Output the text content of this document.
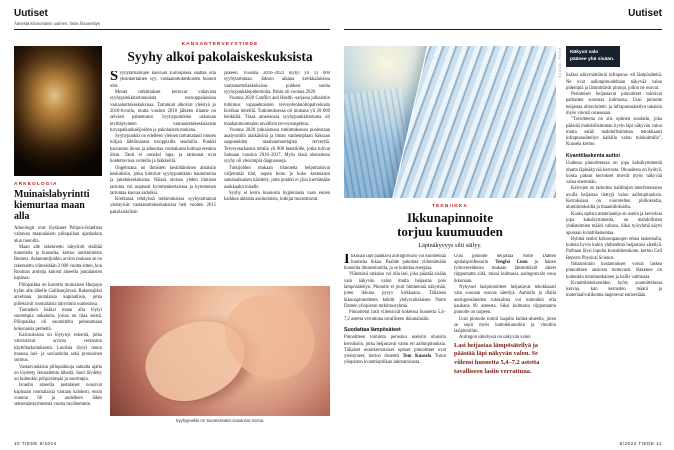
Uutiset
Äänestä kiinnostavin uutinen: tiede.fi/aanestys
ARKEOLOGIA
Muinaislabyrintti kiemurtaa maan alla

Arkeologit ovat löytäneet Pohjois-Israelista valtavan maanalaisen piilopaikan ajanlaskun alun tienoilta.

Maan alle rakennettu labyrintti sisältää tunneleita ja huoneita, kertoo uutistoimisto Reuters. Asiantuntijoiden arvion mukaan se on rakennettu viimeistään 2 000 vuotta sitten, kun Rooman armeija kukisti alueella juutalaisten kapinaa.

Piilopaikka on kaivettu muinaisen Huqoqin kylän alle lähelle Galileanjärveä. Rakentajiksi arvellaan juutalaisia kapinallisia, jotka piileksivät roomalaisia labyrintin uumenissa.

Tunnelien lisäksi maan alta löytyi suurempia onkaloita, joissa on tilaa seistä. Piilopaikka oli suunniteltu pelastamaan kokonaisia perheitä.

Kaivauksissa on löytynyt esineitä, jotka vahvistavat arviota verkoston käyttötarkoituksesta. Luolista löytyi muun muassa lasi- ja saviastioita sekä pronssinen sormus.

Vastaavanlaisia piilopaikkoja samalta ajalta on löydetty Jerusalemin läheltä. Juuri löydetty on kuitenkin pohjoisimpia ja suurimpia.

Israelin alueella juutalaiset nousivat kapinaan roomalaisia vastaan kahdesti, ensin vuonna 66 ja uudelleen lähes seitsemänkymmentä vuotta myöhemmin.

KANSANTERVEYSTIEDE
Syyhy alkoi pakolaiskeskuksista

Syyhytartuntojen kasvuun Euroopassa saattaa olla yksinkertainen syy: vastaanottokeskusten huonot olot.

Monet tutkimukset kertovat vakavista syyhypunkkitartunnoista eurooppalaisissa vastaanottokeskuksissa. Tartunnat alkoivat yleistyä jo 2010-luvulla, mutta vuoden 2018 jälkeen tilanne on selvästi pahentunut. Syyhypunkkien uskotaan levittäytyneen vastaanottokeskuksista turvapaikanhakijoiden ja pakolaisten mukana.

Syyhypunkki on edelleen yleinen tartuntatauti monen tulijan lähtömaassa trooppisilla seuduilla. Punkki kaivautuu ihoon ja aiheuttaa voimakasta kutinaa etenkin öisin. Tauti ei onneksi tapa, ja tartunnat ovat hoidettavissa voiteilla ja lääkkeillä.

Ongelmana on ihmisten keskittäminen ahtaisiin keskuksiin, jotka toimivat syyhypunkkien hautomoina ja jakelukeskuksina. Näissä oloissa yhden ihmisen tartunta voi nopeasti kymmenkertaistua ja kymmenen tartuntaa kasvaa sadoiksi.

Kreikassa tehdyissä tutkimuksissa syyhytartunnat yleistyivät vastaanottokeskuksissa heti vuoden 2015 pakolaiskriisin

jälkeen. Vuosina 2016–2022 löytyi yli 13 000 syyhytartuntaa. Jakson aikana kreikkalaisissa vastaanottokeskuksissa puhkesi useita syyhypunkkiepidemioita. Pahin oli vuonna 2020.

Vuonna 2020 Conflict and Health -sarjassa julkaistiin tutkimus vapaaehtoisten terveydenhuoltopalveluista Kreikan leireillä. Tutkimuksessa oli mukana yli 20 000 henkilöä. Tässä aineistossa syyhypunkkitartunta oli maahanmuuttajien tavallisin terveysongelma.

Vuonna 2020 julkaistussa tutkimuksessa puolestaan analysoitiin alaikäisinä ja ilman vanhempiaan Saksaan saapuneiden maahanmuuttajien terveyttä. Terveystarkastus tehtiin yli 800 henkilölle, jotka tulivat Saksaan vuosina 2016–2017. Myös tässä aineistossa syyhy oli yleisimpiä diagnooseja.

Tutkijoiden mukaan tilannetta helpottaisivat väljemmät tilat, nopea hoito ja koko keskuksen samanaikainen käsittely, jotta punkki ei jäisi kiertämään asukkaalta toiselle.

Syyhy ei kerro huonosta hygieniasta vaan ennen kaikkea ahtaista asuinoloista, tutkijat muistuttavat.

Syyhypunkki on Suomessakin kiusannut monia.
10 TIEDE 8/2024
Uutiset
KUVA: ISTOCK	Näkyvä valo pääsee yhä sisään.

lisäksi näkymättömiä infrapuna- eli lämpösäteitä. Ne ovat aallonpituudeltaan näkyvää valoa pidempiä ja lämmittävät pintoja, joihin ne osuvat.

Perinteiset heijastavat pinnoitteet toimivat parhaiten suorassa kulmassa. Uusi pinnoite heijastaa ultravioletti- ja infrapunasäteilyn takaisin myös vinosti osuessaan.

”Tavoitteena on siis optinen suodatin, joka päästää mahdollisimman hyvin läpi näkyvän valon mutta estää mahdollisimman tehokkaasti infrapunasäteilyn kaikilla valon tulokulmilla”, Kuusela kertoo.

Kvanttilaskenta auttoi

Uudessa pinnoitteessa on jopa kaksikymmentä ohutta läpinäkyvää kerrosta. Ohuudesta on hyötyä, koska paksut kerrokset imevät myös näkyvää valoa enemmän.

Kalvojen on tarkoitus hallittujen interferenssien avulla heijastaa tiettyjä valon aallonpituuksia. Kerroksissa on vuorotellen piidioksidia, alumiinioksidia ja titaanidioksidia.

Koska optisia materiaaleja on useita ja kerroksia jopa kaksikymmentä, on mahdollisten yhdistelmien määrä valtava. Siksi työryhmä käytti apunaan kvanttilaskentaa.

Ryhmä seuloi kokoonpanojen tehoa laskemalla, kuinka hyvin kukin yhdistelmä heijastaisi säteilyä. Parhaan löysi lopulta kvanttitietokone, kertoo Cell Reports Physical Science.

Ilmastoinnin kustannukset voivat laskea pinnoitteen ansiosta tuntuvasti. Rakenne on kuitenkin monimutkainen ja kallis valmistaa.

Kvanttitietokoneiden hyöty suunnittelussa kasvaa, kun kerrosten määrä ja materiaalivalikoima laajenevat entisestään.

TEKNIIKKA
Ikkunapinnoite
torjuu kuumuuden
Läpinäkyvyys silti säilyy.

Ikkunan läpi paahtava auringonvalo voi kuumentaa huoneita liikaa. Paahde pakottaa viilentämään huoneita ilmastoinnilla, ja se kuluttaa energiaa.

Viilentävä ratkaisu voi olla lasi, joka päästää sisään vain näkyvän valon mutta heijastaa pois lämpösäteilyn. Pinnoite ei juuri himmennä näkymää, joten ikkuna pysyy kirkkaana. Tällaisen ikkunapinnoitteen kehitti yhdysvaltalaisen Notre Damen yliopiston tutkimusryhmä.

Pinnoitetut lasit viilensivät kokeissa huonetta 5,4–7,2 astetta verrattuna tavalliseen ikkunalasiin.

Suodattaa lämpösäteet

Pinnoitteen toiminta perustuu useisiin ohuisiin kerroksiin, jotka heijastavat valon eri aallonpituuksia. Tällaiset monikerroksiset optiset pinnoitteet ovat yleistyneet, kertoo dosentti Tom Kuusela Turun yliopiston kvanttioptiikan laboratoriosta.

Uusi pinnoite heijastaa Notre Damen apulaisprofessorin Tengfei Luon ja hänen työtovereidensa mukaan lämmittävät säteet riippumatta siitä, missä kulmassa auringonvalo osuu ikkunaan.

Nykyiset lasipinnoitteet heijastavat tehokkaasti vain suoraan osuvaa säteilyä. Aamulla ja illalla auringonsäteiden tulokulma voi kuitenkin olla kaukana 90 asteesta. Siksi kulmasta riippumaton pinnoite on tarpeen.

Uusi pinnoite toimii laajalla kulma-alueella, joten se sopii myös kattoikkunoihin ja vinoihin lasipintoihin.

Auringon säteilyssä on näkyvän valon

Lasi heijastaa lämpösäteilyä ja päästää läpi näkyvän valon. Se viilensi huonetta 5,4–7,2 astetta tavalliseen lasiin verrattuna.

8/2024 TIEDE 11
